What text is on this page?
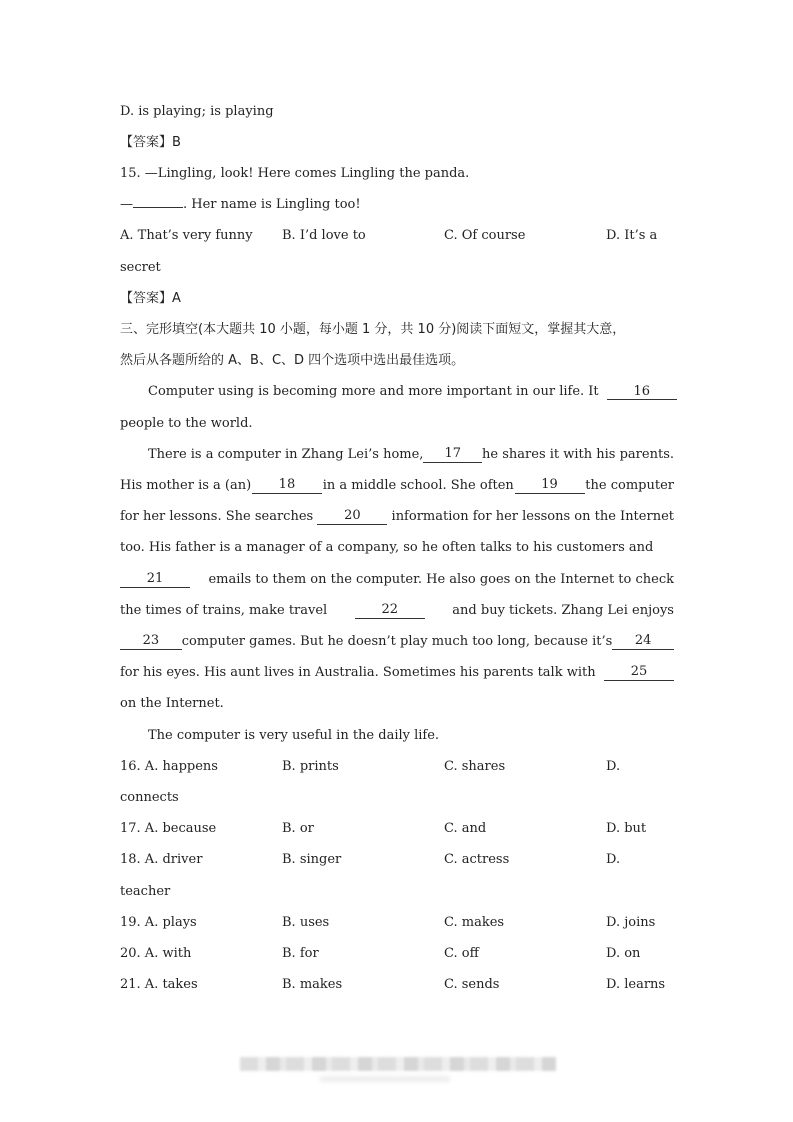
D. is playing; is playing
【答案】B
15. —Lingling, look! Here comes Lingling the panda.
—	. Her name is Lingling too!
A. That’s very funny B. I’d love to	C. Of course	D. It’s a
secret
【答案】A
三、完形填空(本大题共 10 小题，每小题 1 分，共 10 分)阅读下面短文，掌握其大意，
然后从各题所给的 A、B、C、D 四个选项中选出最佳选项。
Computer using is becoming more and more important in our life. It	16
people to the world.
There is a computer in Zhang Lei’s home,	17	he shares it with his parents.
His mother is a (an)	18	in a middle school. She often	19	the computer
for her lessons. She searches	20	information for her lessons on the Internet
too. His father is a manager of a company, so he often talks to his customers and
21	emails to them on the computer. He also goes on the Internet to check
the times of trains, make travel	22	and buy tickets. Zhang Lei enjoys
23	computer games. But he doesn’t play much too long, because it’s	24
for his eyes. His aunt lives in Australia. Sometimes his parents talk with	25
on the Internet.
The computer is very useful in the daily life.
16. A. happens	B. prints	C. shares	D.
connects
17. A. because	B. or	C. and	D. but
18. A. driver	B. singer	C. actress	D.
teacher
19. A. plays	B. uses	C. makes	D. joins
20. A. with	B. for	C. off	D. on
21. A. takes	B. makes	C. sends	D. learns
